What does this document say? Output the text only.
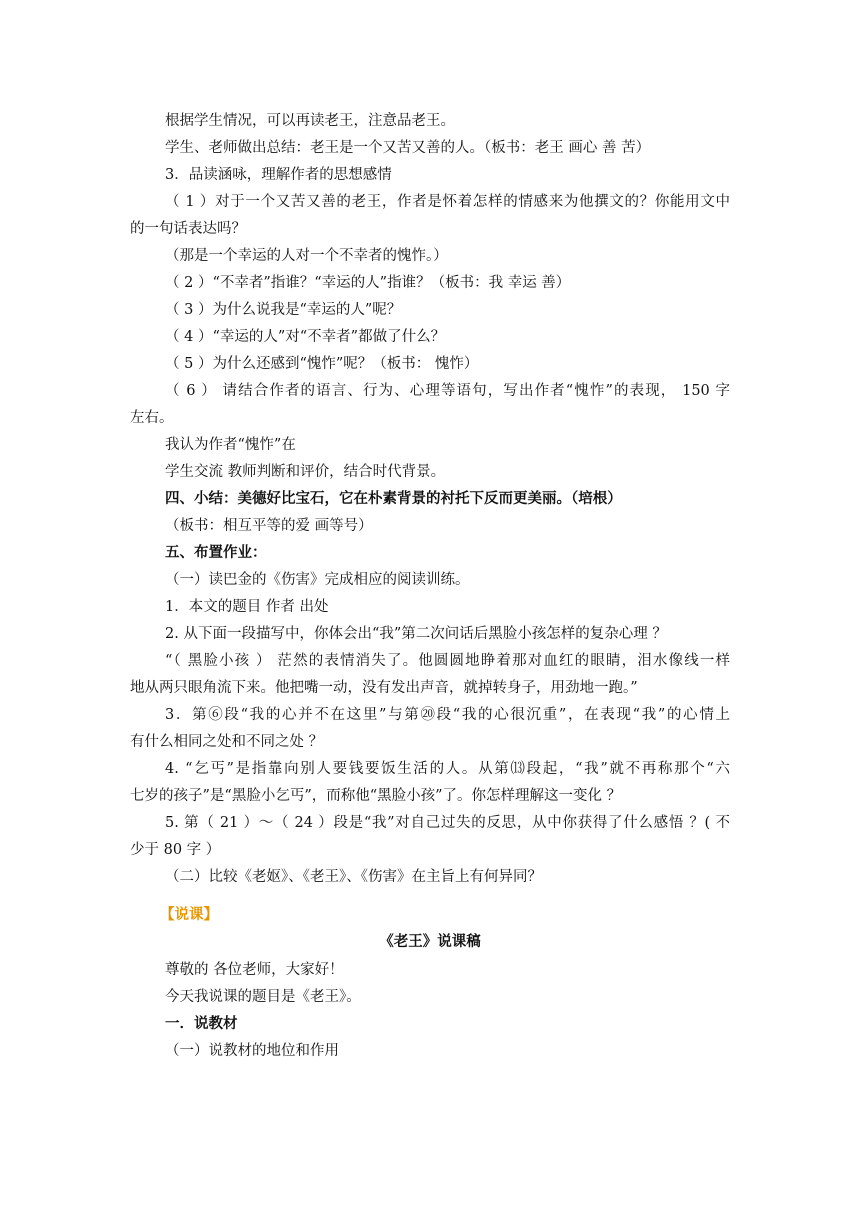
根据学生情况，可以再读老王，注意品老王。
学生、老师做出总结：老王是一个又苦又善的人。（板书：老王 画心 善 苦）
3．品读涵咏，理解作者的思想感情
（ 1 ）对于一个又苦又善的老王，作者是怀着怎样的情感来为他撰文的？你能用文中
的一句话表达吗？
（那是一个幸运的人对一个不幸者的愧怍。）
（ 2 ）“不幸者”指谁？“幸运的人”指谁？（板书：我 幸运 善）
（ 3 ）为什么说我是“幸运的人”呢？
（ 4 ）“幸运的人”对“不幸者”都做了什么？
（ 5 ）为什么还感到“愧怍”呢？（板书： 愧怍）
（ 6 ） 请结合作者的语言、行为、心理等语句，写出作者“愧怍”的表现， 150 字
左右。
我认为作者“愧怍”在
学生交流 教师判断和评价，结合时代背景。
四、小结：美德好比宝石，它在朴素背景的衬托下反而更美丽。（培根）
（板书：相互平等的爱 画等号）
五、布置作业：
（一）读巴金的《伤害》完成相应的阅读训练。
1．本文的题目 作者 出处
2. 从下面一段描写中，你体会出“我”第二次问话后黑脸小孩怎样的复杂心理 ？
“（ 黑脸小孩 ） 茫然的表情消失了。他圆圆地睁着那对血红的眼睛，泪水像线一样
地从两只眼角流下来。他把嘴一动，没有发出声音，就掉转身子，用劲地一跑。”
3．第⑥段“我的心并不在这里”与第⑳段“我的心很沉重”，在表现“我”的心情上
有什么相同之处和不同之处 ？
4. “乞丐”是指靠向别人要钱要饭生活的人。从第⒀段起，“我”就不再称那个“六
七岁的孩子”是“黑脸小乞丐”，而称他“黑脸小孩”了。你怎样理解这一变化 ？
5. 第（ 21 ）～（ 24 ）段是“我”对自己过失的反思，从中你获得了什么感悟 ？( 不
少于 80 字 ）
（二）比较《老妪》、《老王》、《伤害》在主旨上有何异同？
【说课】
《老王》说课稿
尊敬的 各位老师，大家好！
今天我说课的题目是《老王》。
一．说教材
（一）说教材的地位和作用
